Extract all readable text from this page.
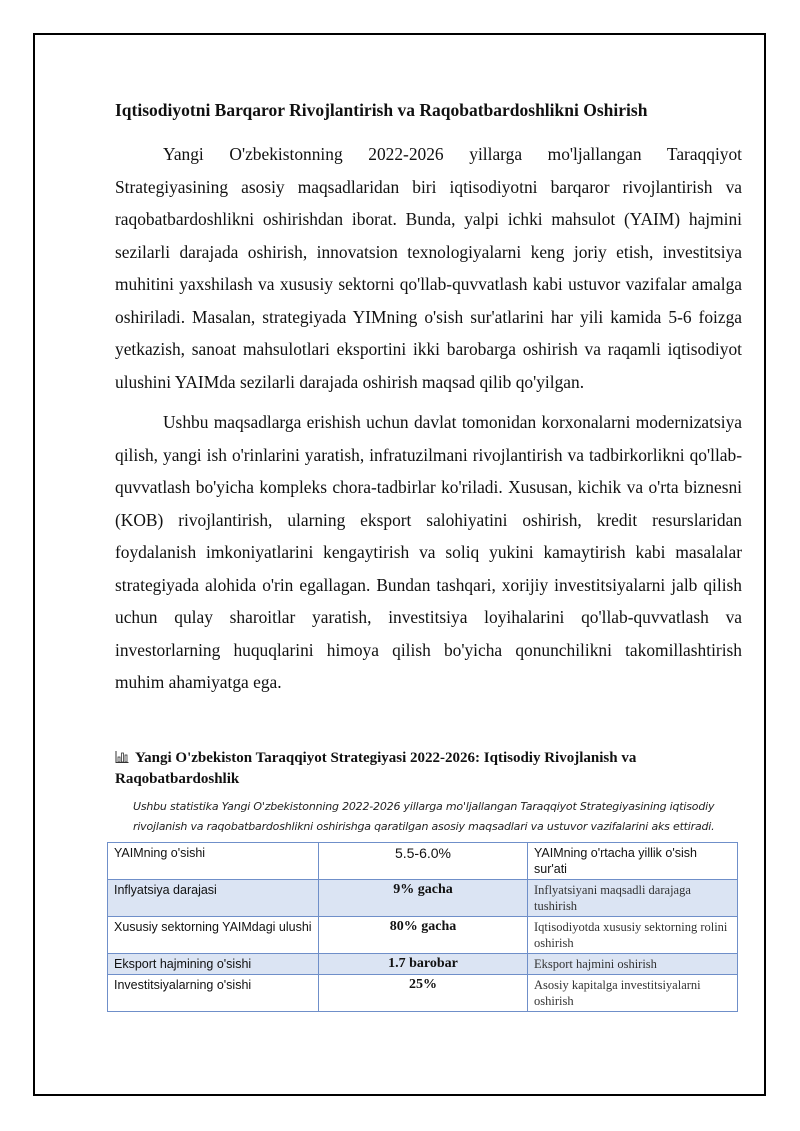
Iqtisodiyotni Barqaror Rivojlantirish va Raqobatbardoshlikni Oshirish

Yangi O'zbekistonning 2022-2026 yillarga mo'ljallangan Taraqqiyot Strategiyasining asosiy maqsadlaridan biri iqtisodiyotni barqaror rivojlantirish va raqobatbardoshlikni oshirishdan iborat. Bunda, yalpi ichki mahsulot (YAIM) hajmini sezilarli darajada oshirish, innovatsion texnologiyalarni keng joriy etish, investitsiya muhitini yaxshilash va xususiy sektorni qo'llab-quvvatlash kabi ustuvor vazifalar amalga oshiriladi. Masalan, strategiyada YIMning o'sish sur'atlarini har yili kamida 5-6 foizga yetkazish, sanoat mahsulotlari eksportini ikki barobarga oshirish va raqamli iqtisodiyot ulushini YAIMda sezilarli darajada oshirish maqsad qilib qo'yilgan.

Ushbu maqsadlarga erishish uchun davlat tomonidan korxonalarni modernizatsiya qilish, yangi ish o'rinlarini yaratish, infratuzilmani rivojlantirish va tadbirkorlikni qo'llab-quvvatlash bo'yicha kompleks chora-tadbirlar ko'riladi. Xususan, kichik va o'rta biznesni (KOB) rivojlantirish, ularning eksport salohiyatini oshirish, kredit resurslaridan foydalanish imkoniyatlarini kengaytirish va soliq yukini kamaytirish kabi masalalar strategiyada alohida o'rin egallagan. Bundan tashqari, xorijiy investitsiyalarni jalb qilish uchun qulay sharoitlar yaratish, investitsiya loyihalarini qo'llab-quvvatlash va investorlarning huquqlarini himoya qilish bo'yicha qonunchilikni takomillashtirish muhim ahamiyatga ega.

Yangi O'zbekiston Taraqqiyot Strategiyasi 2022-2026: Iqtisodiy Rivojlanish va Raqobatbardoshlik
Ushbu statistika Yangi O'zbekistonning 2022-2026 yillarga mo'ljallangan Taraqqiyot Strategiyasining iqtisodiy rivojlanish va raqobatbardoshlikni oshirishga qaratilgan asosiy maqsadlari va ustuvor vazifalarini aks ettiradi.
YAIMning o'sishi	5.5-6.0%	YAIMning o'rtacha yillik o'sish sur'ati
Inflyatsiya darajasi	9% gacha	Inflyatsiyani maqsadli darajaga tushirish
Xususiy sektorning YAIMdagi ulushi	80% gacha	Iqtisodiyotda xususiy sektorning rolini oshirish
Eksport hajmining o'sishi	1.7 barobar	Eksport hajmini oshirish
Investitsiyalarning o'sishi	25%	Asosiy kapitalga investitsiyalarni oshirish
